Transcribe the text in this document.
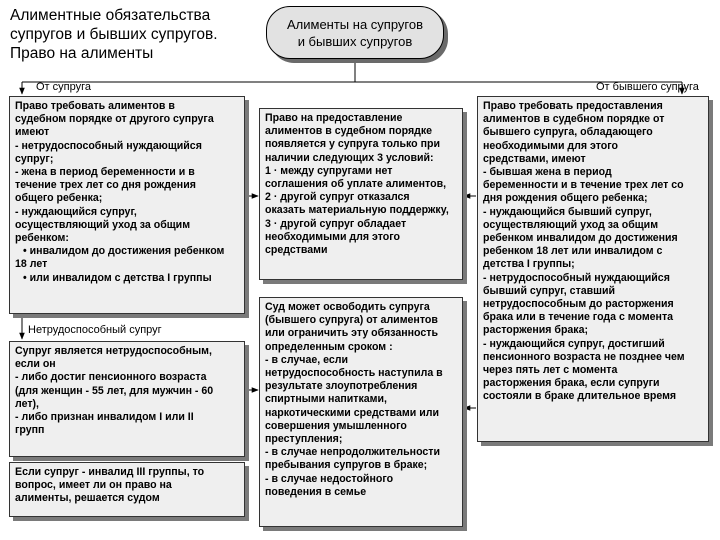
Алиментные обязательства
супругов и бывших супругов.
Право на алименты
Алименты на супругов
и бывших супругов
От супруга	От бывшего супруга
Нетрудоспособный супруг
Право требовать алиментов в
судебном порядке от другого супруга
имеют
- нетрудоспособный нуждающийся
супруг;
- жена в период беременности и в
течение трех лет со дня рождения
общего ребенка;
- нуждающийся супруг,
осуществляющий уход за общим
ребенком:
• инвалидом до достижения ребенком
18 лет
• или инвалидом с детства I группы
Право на предоставление
алиментов в судебном порядке
появляется у супруга только при
наличии следующих 3 условий:
1 · между супругами нет
соглашения об уплате алиментов,
2 · другой супруг отказался
оказать материальную поддержку,
3 · другой супруг обладает
необходимыми для этого
средствами
Право требовать предоставления
алиментов в судебном порядке от
бывшего супруга, обладающего
необходимыми для этого
средствами, имеют
- бывшая жена в период
беременности и в течение трех лет со
дня рождения общего ребенка;
- нуждающийся бывший супруг,
осуществляющий уход за общим
ребенком инвалидом до достижения
ребенком 18 лет или инвалидом с
детства I группы;
- нетрудоспособный нуждающийся
бывший супруг, ставший
нетрудоспособным до расторжения
брака или в течение года с момента
расторжения брака;
- нуждающийся супруг, достигший
пенсионного возраста не позднее чем
через пять лет с момента
расторжения брака, если супруги
состояли в браке длительное время
Супруг является нетрудоспособным,
если он
- либо достиг пенсионного возраста
(для женщин - 55 лет, для мужчин - 60
лет),
- либо признан инвалидом I или II
групп
Если супруг - инвалид III группы, то
вопрос, имеет ли он право на
алименты, решается судом
Суд может освободить супруга
(бывшего супруга) от алиментов
или ограничить эту обязанность
определенным сроком :
- в случае, если
нетрудоспособность наступила в
результате злоупотребления
спиртными напитками,
наркотическими средствами или
совершения умышленного
преступления;
- в случае непродолжительности
пребывания супругов в браке;
- в случае недостойного
поведения в семье
